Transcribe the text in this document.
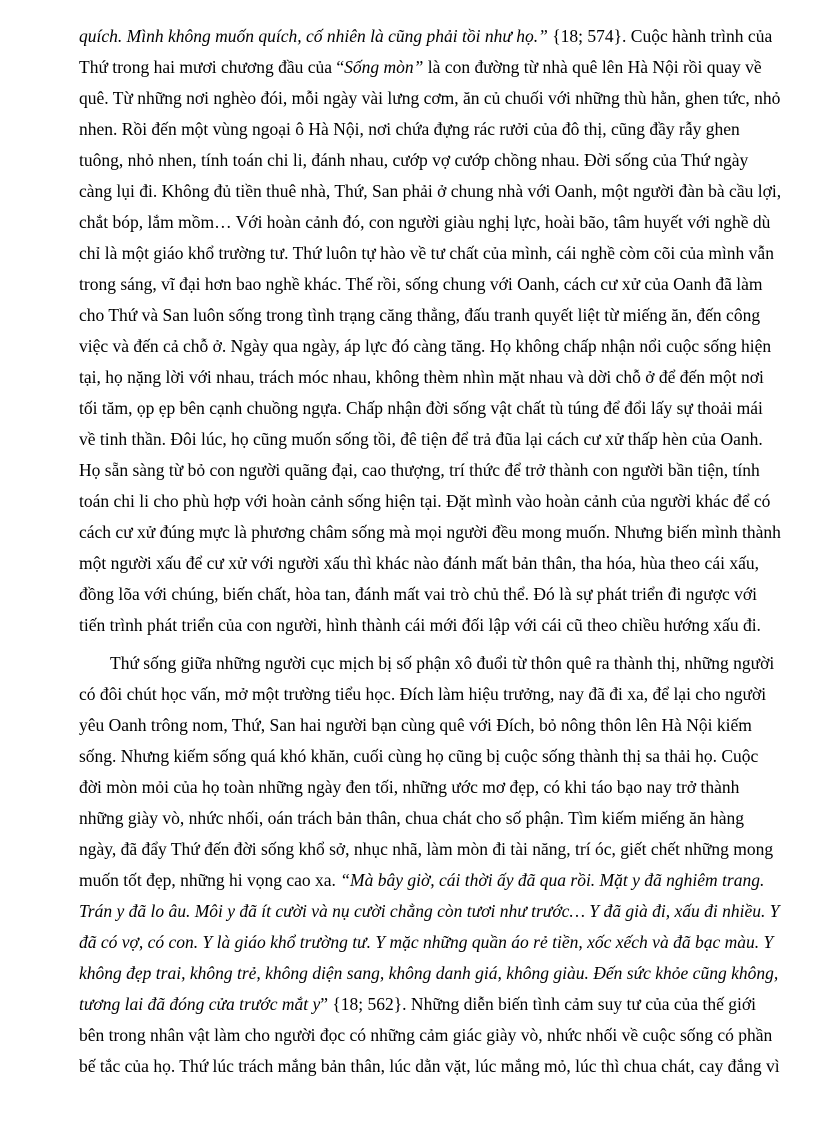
quích. Mình không muốn quích, cố nhiên là cũng phải tồi như họ.” {18; 574}. Cuộc hành trình của
Thứ trong hai mươi chương đầu của “Sống mòn” là con đường từ nhà quê lên Hà Nội rồi quay về
quê. Từ những nơi nghèo đói, mỗi ngày vài lưng cơm, ăn củ chuối với những thù hằn, ghen tức, nhỏ
nhen. Rồi đến một vùng ngoại ô Hà Nội, nơi chứa đựng rác rưởi của đô thị, cũng đầy rẫy ghen
tuông, nhỏ nhen, tính toán chi li, đánh nhau, cướp vợ cướp chồng nhau. Đời sống của Thứ ngày
càng lụi đi. Không đủ tiền thuê nhà, Thứ, San phải ở chung nhà với Oanh, một người đàn bà cầu lợi,
chắt bóp, lắm mồm… Với hoàn cảnh đó, con người giàu nghị lực, hoài bão, tâm huyết với nghề dù
chỉ là một giáo khổ trường tư. Thứ luôn tự hào về tư chất của mình, cái nghề còm cõi của mình vẫn
trong sáng, vĩ đại hơn bao nghề khác. Thế rồi, sống chung với Oanh, cách cư xử của Oanh đã làm
cho Thứ và San luôn sống trong tình trạng căng thẳng, đấu tranh quyết liệt từ miếng ăn, đến công
việc và đến cả chỗ ở. Ngày qua ngày, áp lực đó càng tăng. Họ không chấp nhận nổi cuộc sống hiện
tại, họ nặng lời với nhau, trách móc nhau, không thèm nhìn mặt nhau và dời chỗ ở để đến một nơi
tối tăm, ọp ẹp bên cạnh chuồng ngựa. Chấp nhận đời sống vật chất tù túng để đổi lấy sự thoải mái
về tinh thần. Đôi lúc, họ cũng muốn sống tồi, đê tiện để trả đũa lại cách cư xử thấp hèn của Oanh.
Họ sẵn sàng từ bỏ con người quãng đại, cao thượng, trí thức để trở thành con người bần tiện, tính
toán chi li cho phù hợp với hoàn cảnh sống hiện tại. Đặt mình vào hoàn cảnh của người khác để có
cách cư xử đúng mực là phương châm sống mà mọi người đều mong muốn. Nhưng biến mình thành
một người xấu để cư xử với người xấu thì khác nào đánh mất bản thân, tha hóa, hùa theo cái xấu,
đồng lõa với chúng, biến chất, hòa tan, đánh mất vai trò chủ thể. Đó là sự phát triển đi ngược với
tiến trình phát triển của con người, hình thành cái mới đối lập với cái cũ theo chiều hướng xấu đi.
Thứ sống giữa những người cục mịch bị số phận xô đuổi từ thôn quê ra thành thị, những người
có đôi chút học vấn, mở một trường tiểu học. Đích làm hiệu trưởng, nay đã đi xa, để lại cho người
yêu Oanh trông nom, Thứ, San hai người bạn cùng quê với Đích, bỏ nông thôn lên Hà Nội kiếm
sống. Nhưng kiếm sống quá khó khăn, cuối cùng họ cũng bị cuộc sống thành thị sa thải họ. Cuộc
đời mòn mỏi của họ toàn những ngày đen tối, những ước mơ đẹp, có khi táo bạo nay trở thành
những giày vò, nhức nhối, oán trách bản thân, chua chát cho số phận. Tìm kiếm miếng ăn hàng
ngày, đã đẩy Thứ đến đời sống khổ sở, nhục nhã, làm mòn đi tài năng, trí óc, giết chết những mong
muốn tốt đẹp, những hi vọng cao xa. “Mà bây giờ, cái thời ấy đã qua rồi. Mặt y đã nghiêm trang.
Trán y đã lo âu. Môi y đã ít cười và nụ cười chẳng còn tươi như trước… Y đã già đi, xấu đi nhiều. Y
đã có vợ, có con. Y là giáo khổ trường tư. Y mặc những quần áo rẻ tiền, xốc xếch và đã bạc màu. Y
không đẹp trai, không trẻ, không diện sang, không danh giá, không giàu. Đến sức khỏe cũng không,
tương lai đã đóng cửa trước mắt y” {18; 562}. Những diễn biến tình cảm suy tư của của thế giới
bên trong nhân vật làm cho người đọc có những cảm giác giày vò, nhức nhối về cuộc sống có phần
bế tắc của họ. Thứ lúc trách mắng bản thân, lúc dằn vặt, lúc mắng mỏ, lúc thì chua chát, cay đắng vì
